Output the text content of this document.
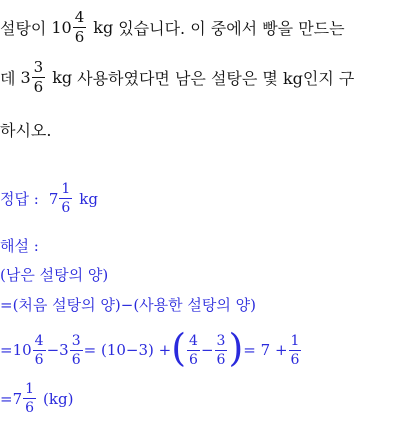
설탕이 $10 \frac{4}{6}$ kg 있습니다. 이 중에서 빵을 만드는
데 $3 \frac{3}{6}$ kg 사용하였다면 남은 설탕은 몇 kg인지 구
하시오.
정답 : $7 \frac{1}{6}$ kg
해설 :
(남은 설탕의 양)
=(처음 설탕의 양)−(사용한 설탕의 양)
= $10 \frac{4}{6} - 3 \frac{3}{6} = (10-3)$ + ( $\frac{4}{6} - \frac{3}{6}$ ) = $7 + \frac{1}{6}$
= $7 \frac{1}{6} (kg)$
